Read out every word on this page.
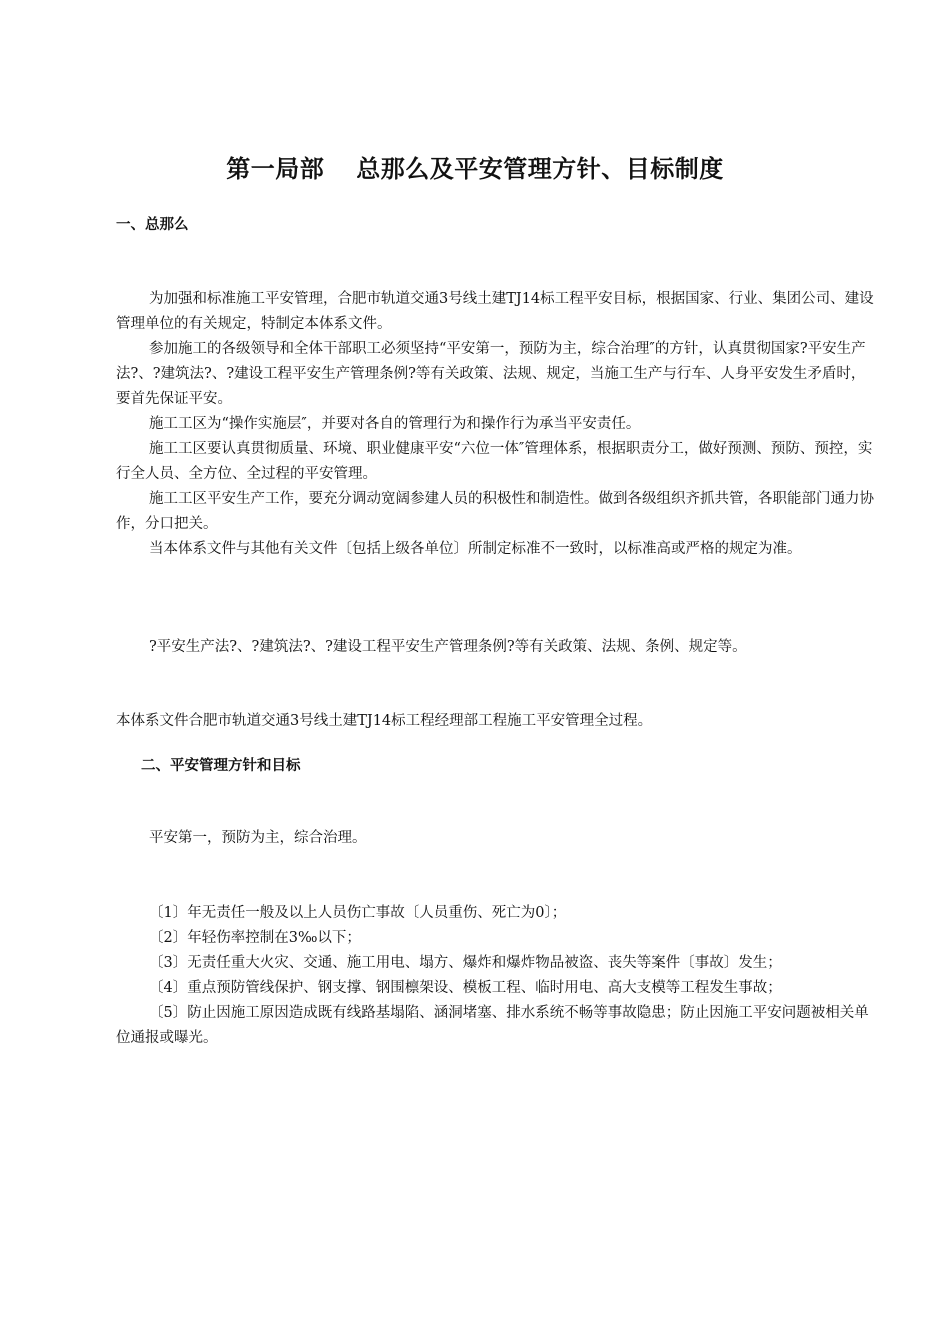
第一局部 总那么及平安管理方针、目标制度
一、总那么

为加强和标准施工平安管理，合肥市轨道交通3号线土建TJ14标工程平安目标，根据国家、行业、集团公司、建设管理单位的有关规定，特制定本体系文件。

参加施工的各级领导和全体干部职工必须坚持“平安第一，预防为主，综合治理″的方针，认真贯彻国家?平安生产法?、?建筑法?、?建设工程平安生产管理条例?等有关政策、法规、规定，当施工生产与行车、人身平安发生矛盾时，要首先保证平安。

施工工区为“操作实施层″，并要对各自的管理行为和操作行为承当平安责任。

施工工区要认真贯彻质量、环境、职业健康平安“六位一体″管理体系，根据职责分工，做好预测、预防、预控，实行全人员、全方位、全过程的平安管理。

施工工区平安生产工作，要充分调动宽阔参建人员的积极性和制造性。做到各级组织齐抓共管，各职能部门通力协作，分口把关。

当本体系文件与其他有关文件〔包括上级各单位〕所制定标准不一致时，以标准高或严格的规定为准。

?平安生产法?、?建筑法?、?建设工程平安生产管理条例?等有关政策、法规、条例、规定等。

本体系文件合肥市轨道交通3号线土建TJ14标工程经理部工程施工平安管理全过程。

二、平安管理方针和目标

平安第一，预防为主，综合治理。

〔1〕年无责任一般及以上人员伤亡事故〔人员重伤、死亡为0〕；

〔2〕年轻伤率控制在3‰以下；

〔3〕无责任重大火灾、交通、施工用电、塌方、爆炸和爆炸物品被盗、丧失等案件〔事故〕发生；

〔4〕重点预防管线保护、钢支撑、钢围檩架设、模板工程、临时用电、高大支模等工程发生事故；

〔5〕防止因施工原因造成既有线路基塌陷、涵洞堵塞、排水系统不畅等事故隐患；防止因施工平安问题被相关单位通报或曝光。
